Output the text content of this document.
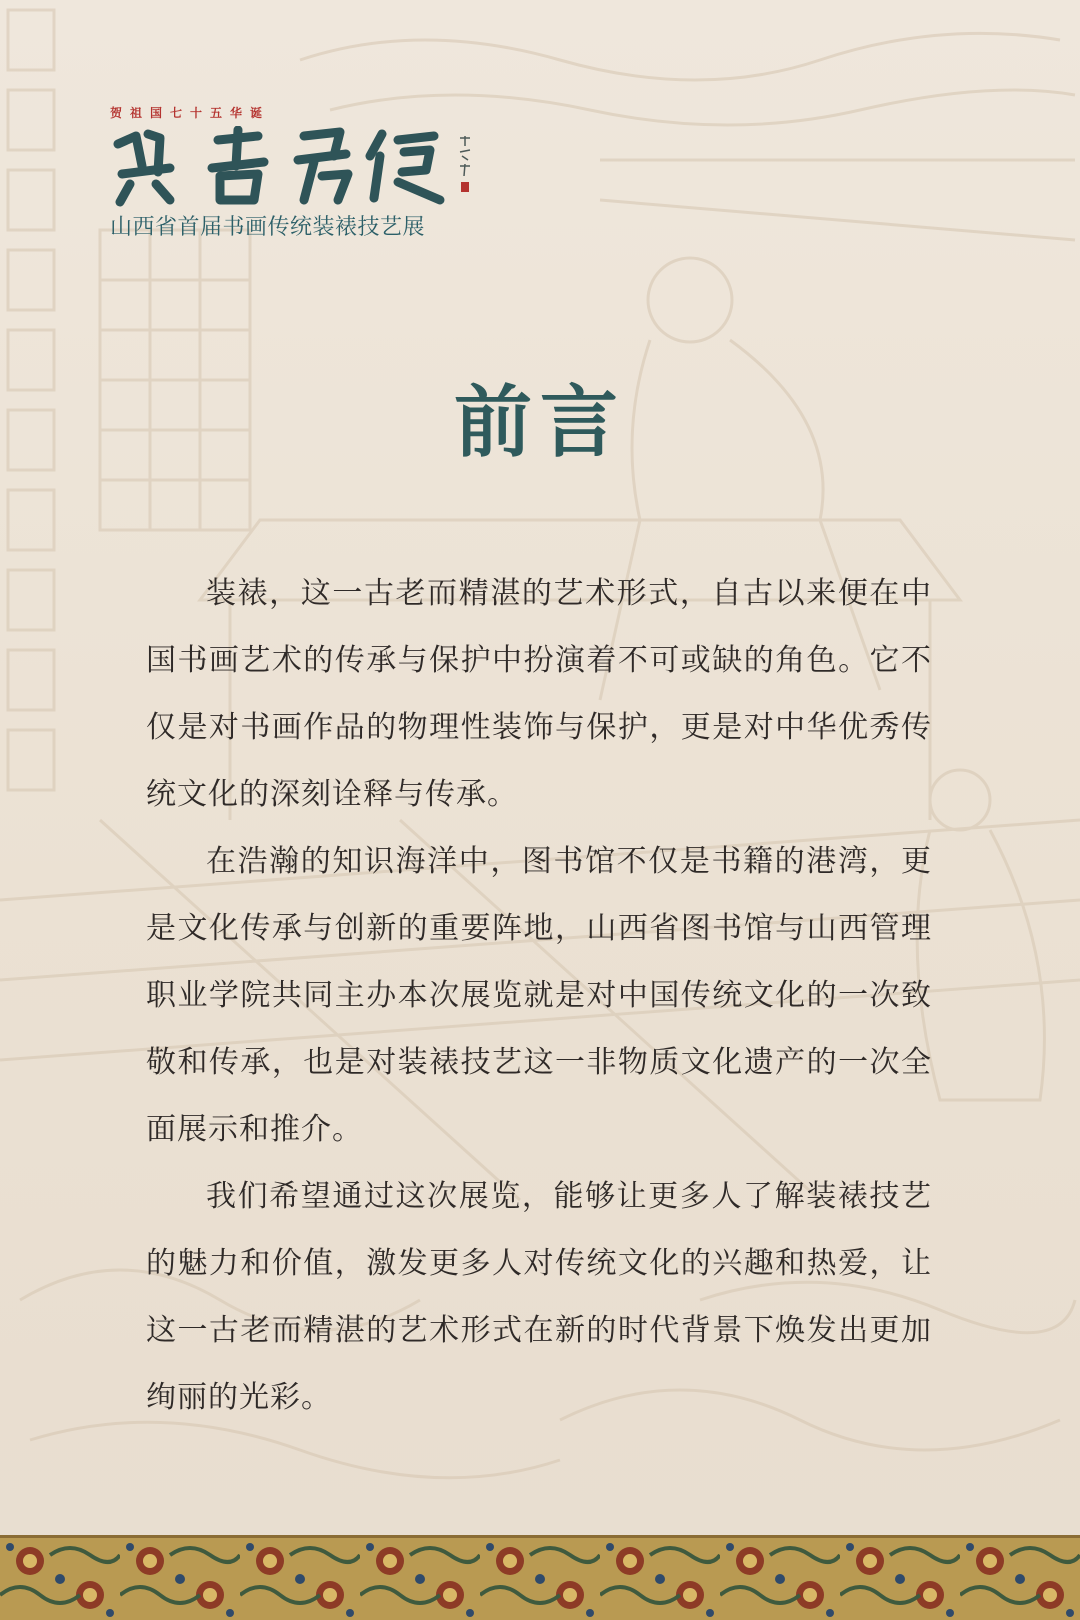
贺祖国七十五华诞
山西省首届书画传统装裱技艺展
前言

装裱，这一古老而精湛的艺术形式，自古以来便在中国书画艺术的传承与保护中扮演着不可或缺的角色。它不仅是对书画作品的物理性装饰与保护，更是对中华优秀传统文化的深刻诠释与传承。

在浩瀚的知识海洋中，图书馆不仅是书籍的港湾，更是文化传承与创新的重要阵地，山西省图书馆与山西管理职业学院共同主办本次展览就是对中国传统文化的一次致敬和传承，也是对装裱技艺这一非物质文化遗产的一次全面展示和推介。

我们希望通过这次展览，能够让更多人了解装裱技艺的魅力和价值，激发更多人对传统文化的兴趣和热爱，让这一古老而精湛的艺术形式在新的时代背景下焕发出更加绚丽的光彩。
